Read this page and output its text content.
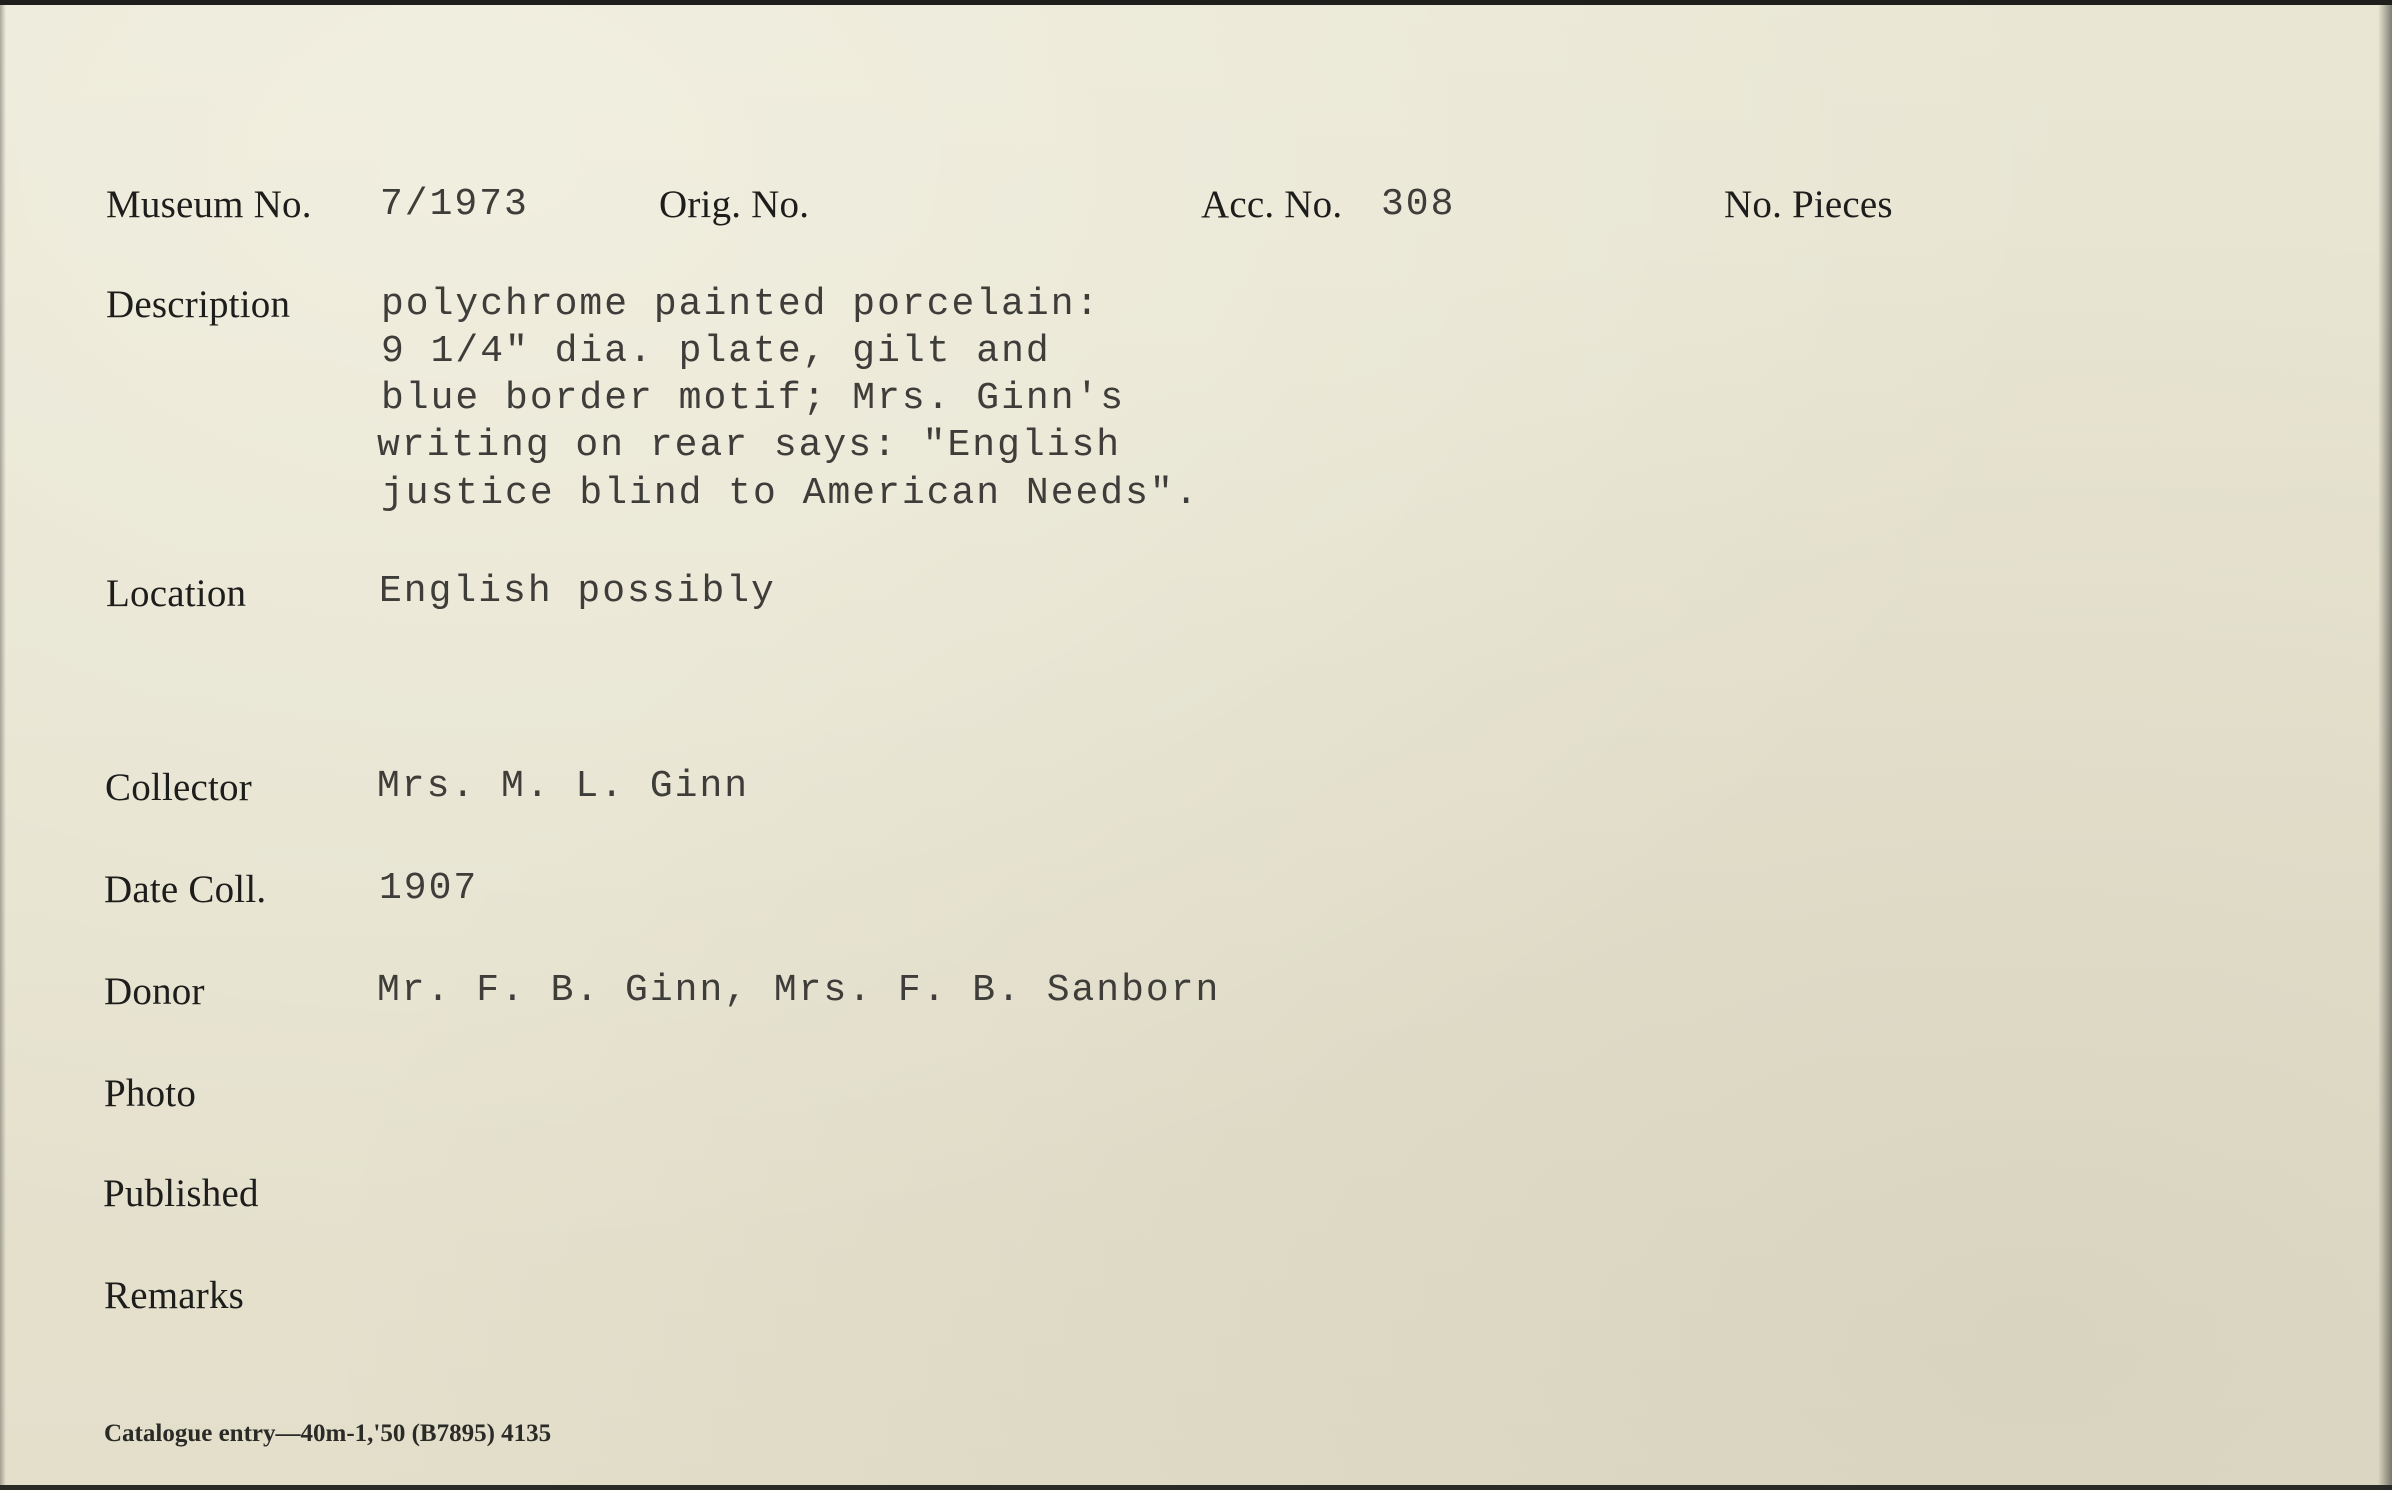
Museum No. 7/1973	Orig. No.	Acc. No. 308	No. Pieces
Description polychrome painted porcelain:
9 1/4" dia. plate, gilt and
blue border motif; Mrs. Ginn's
writing on rear says: "English
justice blind to American Needs".
Location	English possibly
Collector	Mrs. M. L. Ginn
Date Coll.	1907
Donor	Mr. F. B. Ginn, Mrs. F. B. Sanborn
Photo
Published
Remarks
Catalogue entry—40m-1,'50 (B7895) 4135
